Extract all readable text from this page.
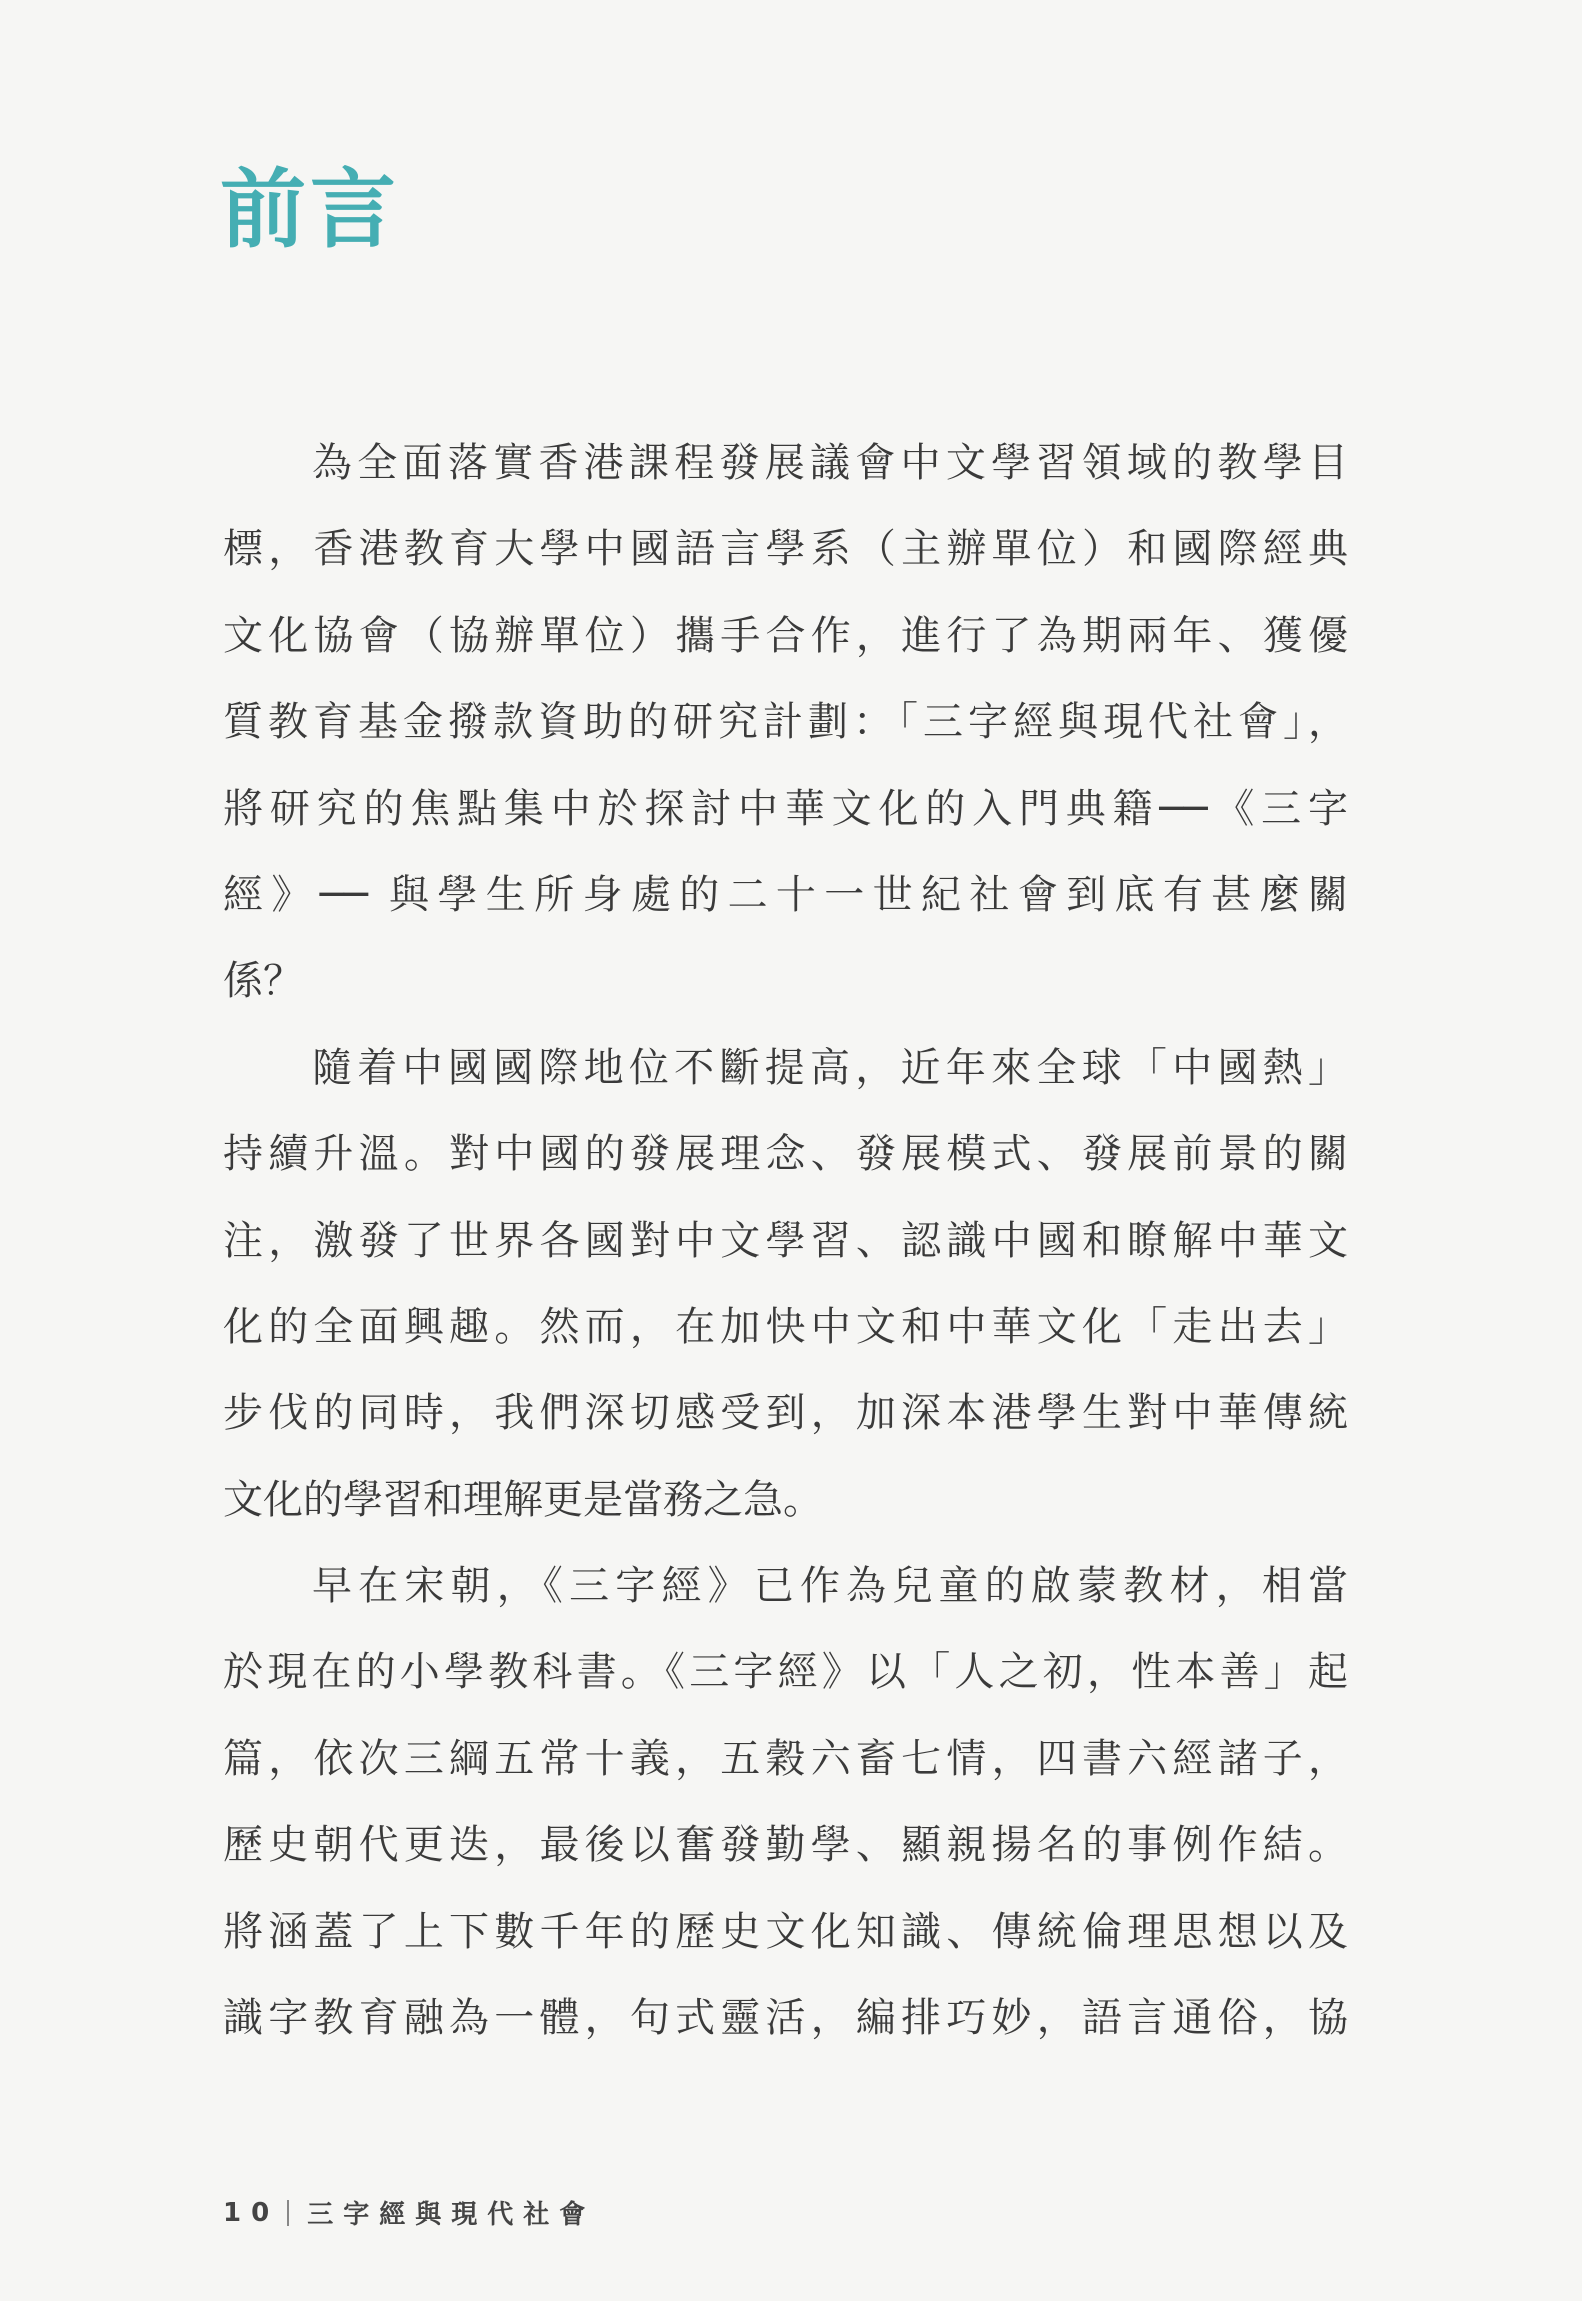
前言
為全面落實香港課程發展議會中文學習領域的教學目
標，香港教育大學中國語言學系（主辦單位）和國際經典
文化協會（協辦單位）攜手合作，進行了為期兩年、獲優
質教育基金撥款資助的研究計劃：「三字經與現代社會」，
將研究的焦點集中於探討中華文化的入門典籍──《三字
經》── 與學生所身處的二十一世紀社會到底有甚麼關
係？
隨着中國國際地位不斷提高，近年來全球「中國熱」
持續升溫。對中國的發展理念、發展模式、發展前景的關
注，激發了世界各國對中文學習、認識中國和瞭解中華文
化的全面興趣。然而，在加快中文和中華文化「走出去」
步伐的同時，我們深切感受到，加深本港學生對中華傳統
文化的學習和理解更是當務之急。
早在宋朝，《三字經》已作為兒童的啟蒙教材，相當
於現在的小學教科書。《三字經》以「人之初，性本善」起
篇，依次三綱五常十義，五穀六畜七情，四書六經諸子，
歷史朝代更迭，最後以奮發勤學、顯親揚名的事例作結。
將涵蓋了上下數千年的歷史文化知識、傳統倫理思想以及
識字教育融為一體，句式靈活，編排巧妙，語言通俗，協
10 三字經與現代社會
